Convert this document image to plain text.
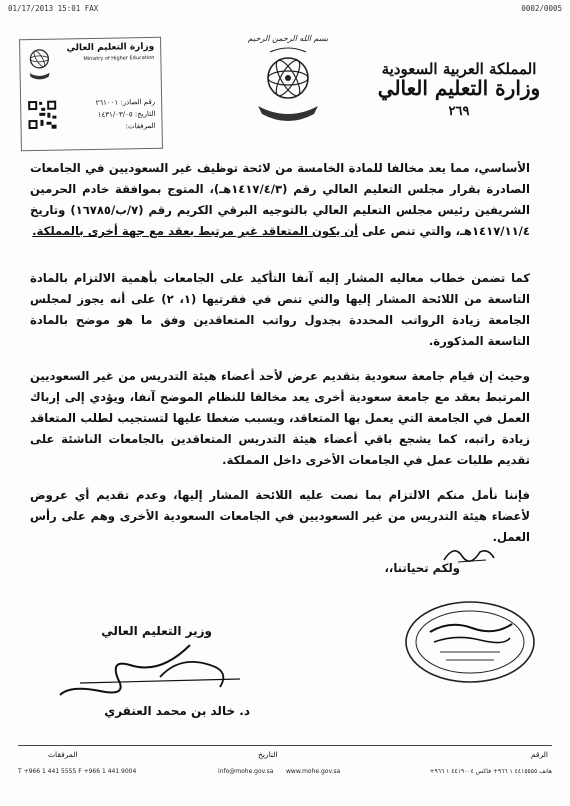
01/17/2013 15:01 FAX	0002/0005
بسم الله الرحمن الرحيم
وزارة التعليم العالي
Ministry of Higher Education
رقم الصادر: ٢٦١٠٠١
التاريخ: ١٤٣١/٠٣/٠٥
المرفقات:
المملكة العربية السعودية
وزارة التعليم العالي
٢٦٩
الأساسي، مما يعد مخالفا للمادة الخامسة من لائحة توظيف غير السعوديين في الجامعات الصادرة بقرار مجلس التعليم العالي رقم (١٤١٧/٤/٣هـ)، المتوج بموافقة خادم الحرمين الشريفين رئيس مجلس التعليم العالي بالتوجيه البرقي الكريم رقم (٧/ب/١٦٧٨٥) وتاريخ ١٤١٧/١١/٤هـ، والتي تنص على أن يكون المتعاقد غير مرتبط بعقد مع جهة أخرى بالمملكة.
كما تضمن خطاب معاليه المشار إليه آنفا التأكيد على الجامعات بأهمية الالتزام بالمادة التاسعة من اللائحة المشار إليها والتي تنص في فقرتيها (١، ٢) على أنه يجوز لمجلس الجامعة زيادة الرواتب المحددة بجدول رواتب المتعاقدين وفق ما هو موضح بالمادة التاسعة المذكورة.
وحيث إن قيام جامعة سعودية بتقديم عرض لأحد أعضاء هيئة التدريس من غير السعوديين المرتبط بعقد مع جامعة سعودية أخرى يعد مخالفا للنظام الموضح آنفا، ويؤدي إلى إرباك العمل في الجامعة التي يعمل بها المتعاقد، ويسبب ضغطا عليها لتستجيب لطلب المتعاقد زيادة راتبه، كما يشجع باقي أعضاء هيئة التدريس المتعاقدين بالجامعات الناشئة على تقديم طلبات عمل في الجامعات الأخرى داخل المملكة.
فإننا نأمل منكم الالتزام بما نصت عليه اللائحة المشار إليها، وعدم تقديم أي عروض لأعضاء هيئة التدريس من غير السعوديين في الجامعات السعودية الأخرى وهم على رأس العمل.
ولكم تحياتنا،،
وزير التعليم العالي
د. خالد بن محمد العنقري
الرقم
التاريخ
المرفقات
T +966 1 441 5555 F +966 1 441 9004	info@mohe.gov.sa www.mohe.gov.sa	هاتف ٤٤١٥٥٥٥ ١ ٩٦٦+ فاكس ٤٤١٩٠٠٤ ١ ٩٦٦+
